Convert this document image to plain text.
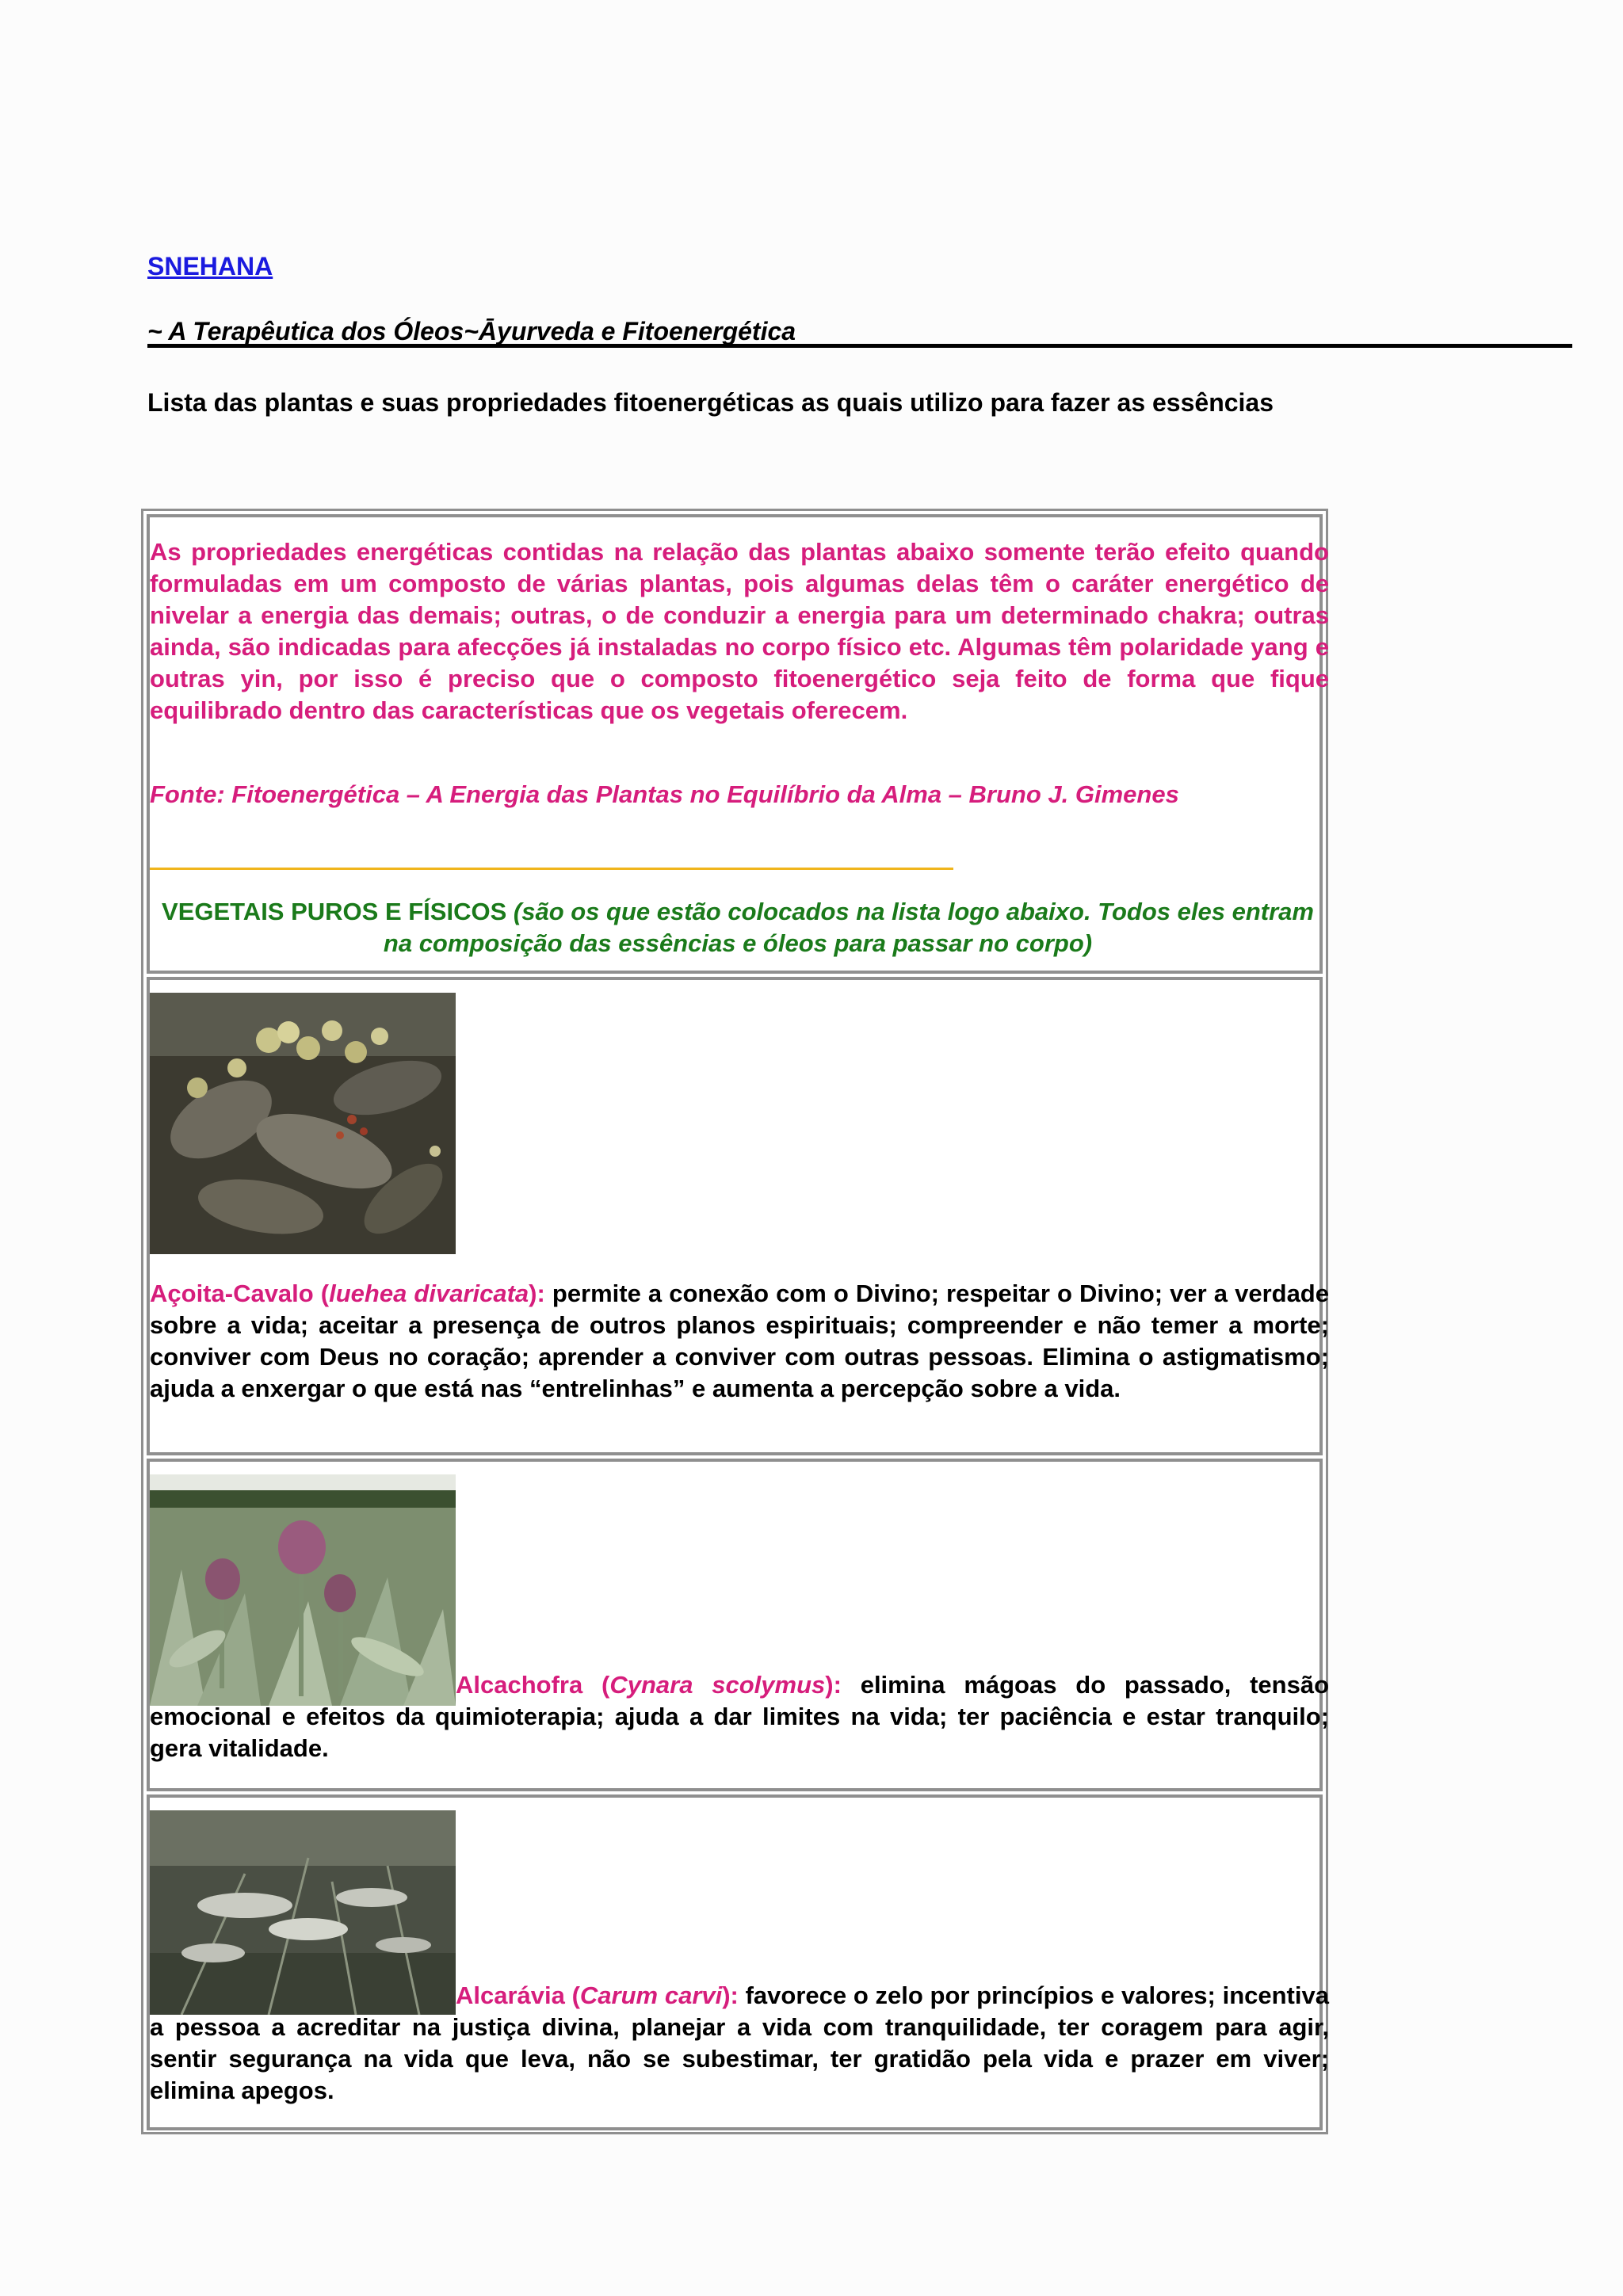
SNEHANA
~ A Terapêutica dos Óleos~Āyurveda e Fitoenergética
Lista das plantas e suas propriedades fitoenergéticas as quais utilizo para fazer as essências

As propriedades energéticas contidas na relação das plantas abaixo somente terão efeito quando formuladas em um composto de várias plantas, pois algumas delas têm o caráter energético de nivelar a energia das demais; outras, o de conduzir a energia para um determinado chakra; outras ainda, são indicadas para afecções já instaladas no corpo físico etc. Algumas têm polaridade yang e outras yin, por isso é preciso que o composto fitoenergético seja feito de forma que fique equilibrado dentro das características que os vegetais oferecem.

Fonte: Fitoenergética – A Energia das Plantas no Equilíbrio da Alma – Bruno J. Gimenes

VEGETAIS PUROS E FÍSICOS (são os que estão colocados na lista logo abaixo. Todos eles entram na composição das essências e óleos para passar no corpo)

Açoita-Cavalo (luehea divaricata): permite a conexão com o Divino; respeitar o Divino; ver a verdade sobre a vida; aceitar a presença de outros planos espirituais; compreender e não temer a morte; conviver com Deus no coração; aprender a conviver com outras pessoas. Elimina o astigmatismo; ajuda a enxergar o que está nas “entrelinhas” e aumenta a percepção sobre a vida.

Alcachofra (Cynara scolymus): elimina mágoas do passado, tensão emocional e efeitos da quimioterapia; ajuda a dar limites na vida; ter paciência e estar tranquilo; gera vitalidade.

Alcarávia (Carum carvi): favorece o zelo por princípios e valores; incentiva a pessoa a acreditar na justiça divina, planejar a vida com tranquilidade, ter coragem para agir, sentir segurança na vida que leva, não se subestimar, ter gratidão pela vida e prazer em viver; elimina apegos.
